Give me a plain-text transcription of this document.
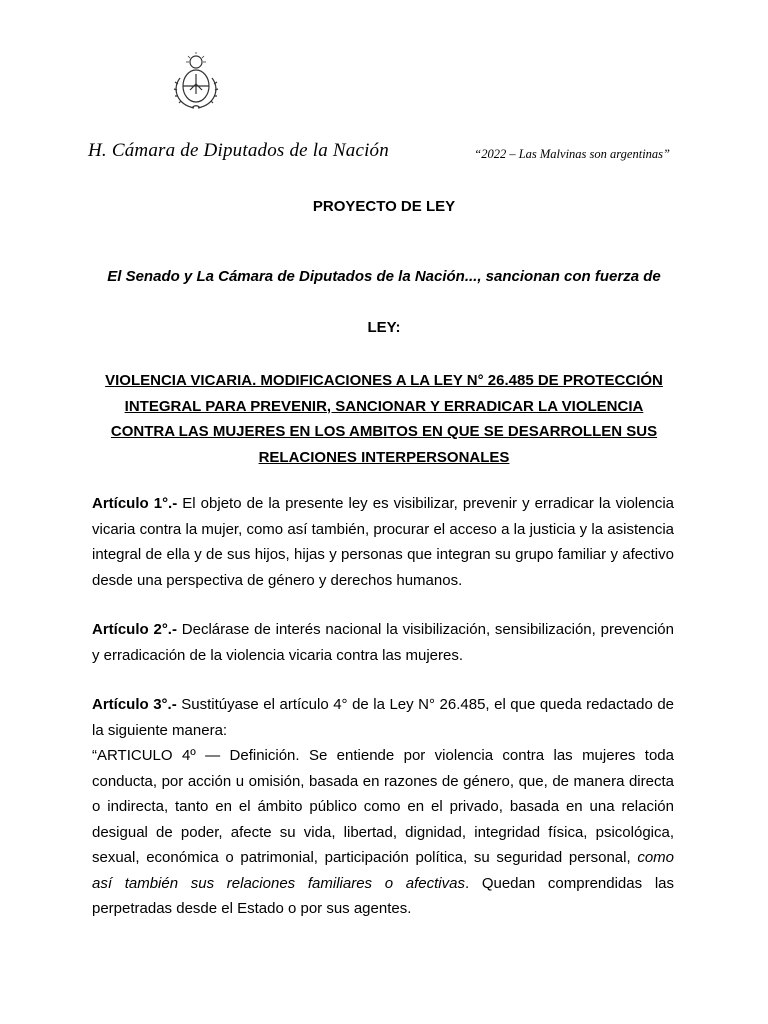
H. Cámara de Diputados de la Nación	“2022 – Las Malvinas son argentinas”
PROYECTO DE LEY
El Senado y La Cámara de Diputados de la Nación..., sancionan con fuerza de
LEY:
VIOLENCIA VICARIA. MODIFICACIONES A LA LEY N° 26.485 DE PROTECCIÓN
INTEGRAL PARA PREVENIR, SANCIONAR Y ERRADICAR LA VIOLENCIA
CONTRA LAS MUJERES EN LOS AMBITOS EN QUE SE DESARROLLEN SUS
RELACIONES INTERPERSONALES
Artículo 1°.- El objeto de la presente ley es visibilizar, prevenir y erradicar la violencia vicaria contra la mujer, como así también, procurar el acceso a la justicia y la asistencia integral de ella y de sus hijos, hijas y personas que integran su grupo familiar y afectivo desde una perspectiva de género y derechos humanos.
Artículo 2°.- Declárase de interés nacional la visibilización, sensibilización, prevención y erradicación de la violencia vicaria contra las mujeres.
Artículo 3°.- Sustitúyase el artículo 4° de la Ley N° 26.485, el que queda redactado de la siguiente manera:
“ARTICULO 4º — Definición. Se entiende por violencia contra las mujeres toda conducta, por acción u omisión, basada en razones de género, que, de manera directa o indirecta, tanto en el ámbito público como en el privado, basada en una relación desigual de poder, afecte su vida, libertad, dignidad, integridad física, psicológica, sexual, económica o patrimonial, participación política, su seguridad personal, como así también sus relaciones familiares o afectivas. Quedan comprendidas las perpetradas desde el Estado o por sus agentes.
